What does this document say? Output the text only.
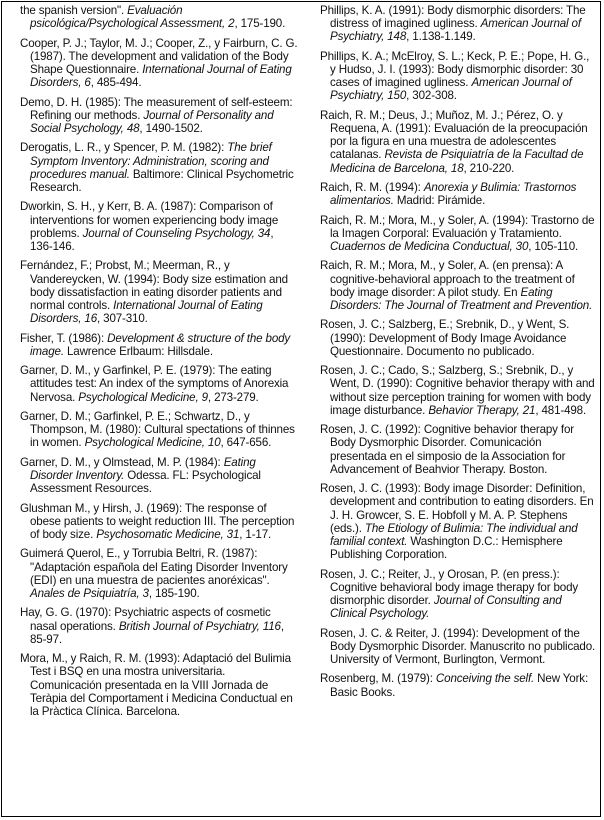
the spanish version". Evaluación psicológica/Psychological Assessment, 2, 175-190.

Cooper, P. J.; Taylor, M. J.; Cooper, Z., y Fairburn, C. G. (1987). The development and validation of the Body Shape Questionnaire. International Journal of Eating Disorders, 6, 485-494.

Demo, D. H. (1985): The measurement of self-esteem: Refining our methods. Journal of Personality and Social Psychology, 48, 1490-1502.

Derogatis, L. R., y Spencer, P. M. (1982): The brief Symptom Inventory: Administration, scoring and procedures manual. Baltimore: Clinical Psychometric Research.

Dworkin, S. H., y Kerr, B. A. (1987): Comparison of interventions for women experiencing body image problems. Journal of Counseling Psychology, 34, 136-146.

Fernández, F.; Probst, M.; Meerman, R., y Vandereycken, W. (1994): Body size estimation and body dissatisfaction in eating disorder patients and normal controls. International Journal of Eating Disorders, 16, 307-310.

Fisher, T. (1986): Development & structure of the body image. Lawrence Erlbaum: Hillsdale.

Garner, D. M., y Garfinkel, P. E. (1979): The eating attitudes test: An index of the symptoms of Anorexia Nervosa. Psychological Medicine, 9, 273-279.

Garner, D. M.; Garfinkel, P. E.; Schwartz, D., y Thompson, M. (1980): Cultural spectations of thinnes in women. Psychological Medicine, 10, 647-656.

Garner, D. M., y Olmstead, M. P. (1984): Eating Disorder Inventory. Odessa. FL: Psychological Assessment Resources.

Glushman M., y Hirsh, J. (1969): The response of obese patients to weight reduction III. The perception of body size. Psychosomatic Medicine, 31, 1-17.

Guimerá Querol, E., y Torrubia Beltri, R. (1987): "Adaptación española del Eating Disorder Inventory (EDI) en una muestra de pacientes anoréxicas". Anales de Psiquiatría, 3, 185-190.

Hay, G. G. (1970): Psychiatric aspects of cosmetic nasal operations. British Journal of Psychiatry, 116, 85-97.

Mora, M., y Raich, R. M. (1993): Adaptació del Bulimia Test i BSQ en una mostra universitaria. Comunicación presentada en la VIII Jornada de Teràpia del Comportament i Medicina Conductual en la Pràctica Clínica. Barcelona.

Phillips, K. A. (1991): Body dismorphic disorders: The distress of imagined ugliness. American Journal of Psychiatry, 148, 1.138-1.149.

Phillips, K. A.; McElroy, S. L.; Keck, P. E.; Pope, H. G., y Hudso, J. I. (1993): Body dismorphic disorder: 30 cases of imagined ugliness. American Journal of Psychiatry, 150, 302-308.

Raich, R. M.; Deus, J.; Muñoz, M. J.; Pérez, O. y Requena, A. (1991): Evaluación de la preocupación por la figura en una muestra de adolescentes catalanas. Revista de Psiquiatría de la Facultad de Medicina de Barcelona, 18, 210-220.

Raich, R. M. (1994): Anorexia y Bulimia: Trastornos alimentarios. Madrid: Pirámide.

Raich, R. M.; Mora, M., y Soler, A. (1994): Trastorno de la Imagen Corporal: Evaluación y Tratamiento. Cuadernos de Medicina Conductual, 30, 105-110.

Raich, R. M.; Mora, M., y Soler, A. (en prensa): A cognitive-behavioral approach to the treatment of body image disorder: A pilot study. En Eating Disorders: The Journal of Treatment and Prevention.

Rosen, J. C.; Salzberg, E.; Srebnik, D., y Went, S. (1990): Development of Body Image Avoidance Questionnaire. Documento no publicado.

Rosen, J. C.; Cado, S.; Salzberg, S.; Srebnik, D., y Went, D. (1990): Cognitive behavior therapy with and without size perception training for women with body image disturbance. Behavior Therapy, 21, 481-498.

Rosen, J. C. (1992): Cognitive behavior therapy for Body Dysmorphic Disorder. Comunicación presentada en el simposio de la Association for Advancement of Beahvior Therapy. Boston.

Rosen, J. C. (1993): Body image Disorder: Definition, development and contribution to eating disorders. En J. H. Growcer, S. E. Hobfoll y M. A. P. Stephens (eds.). The Etiology of Bulimia: The individual and familial context. Washington D.C.: Hemisphere Publishing Corporation.

Rosen, J. C.; Reiter, J., y Orosan, P. (en press.): Cognitive behavioral body image therapy for body dismorphic disorder. Journal of Consulting and Clinical Psychology.

Rosen, J. C. & Reiter, J. (1994): Development of the Body Dysmorphic Disorder. Manuscrito no publicado. University of Vermont, Burlington, Vermont.

Rosenberg, M. (1979): Conceiving the self. New York: Basic Books.
